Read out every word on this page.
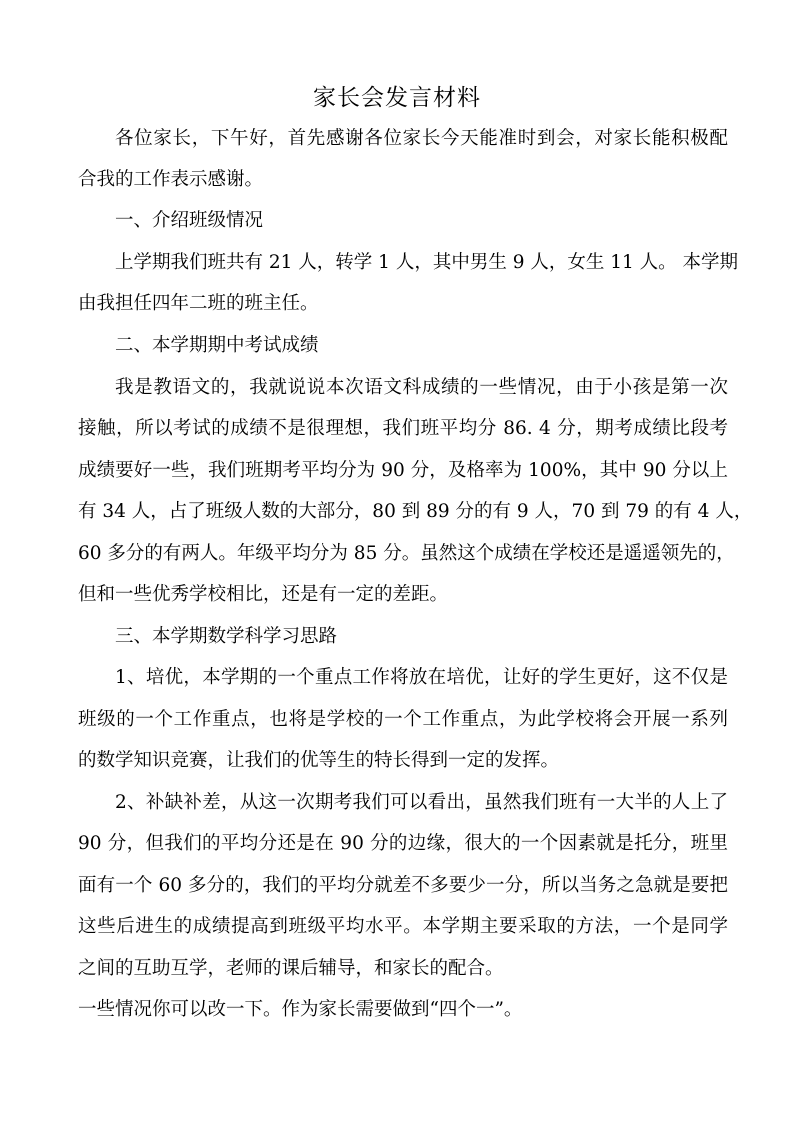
家长会发言材料

各位家长，下午好，首先感谢各位家长今天能准时到会，对家长能积极配

合我的工作表示感谢。

一、介绍班级情况

上学期我们班共有 21 人，转学 1 人，其中男生 9 人，女生 11 人。 本学期

由我担任四年二班的班主任。

二、本学期期中考试成绩

我是教语文的，我就说说本次语文科成绩的一些情况，由于小孩是第一次

接触，所以考试的成绩不是很理想，我们班平均分 86. 4 分，期考成绩比段考

成绩要好一些，我们班期考平均分为 90 分，及格率为 100%，其中 90 分以上

有 34 人，占了班级人数的大部分，80 到 89 分的有 9 人，70 到 79 的有 4 人，

60 多分的有两人。年级平均分为 85 分。虽然这个成绩在学校还是遥遥领先的，

但和一些优秀学校相比，还是有一定的差距。

三、本学期数学科学习思路

1、培优，本学期的一个重点工作将放在培优，让好的学生更好，这不仅是

班级的一个工作重点，也将是学校的一个工作重点，为此学校将会开展一系列

的数学知识竞赛，让我们的优等生的特长得到一定的发挥。

2、补缺补差，从这一次期考我们可以看出，虽然我们班有一大半的人上了

90 分，但我们的平均分还是在 90 分的边缘，很大的一个因素就是托分，班里

面有一个 60 多分的，我们的平均分就差不多要少一分，所以当务之急就是要把

这些后进生的成绩提高到班级平均水平。本学期主要采取的方法，一个是同学

之间的互助互学，老师的课后辅导，和家长的配合。

一些情况你可以改一下。作为家长需要做到“四个一”。
